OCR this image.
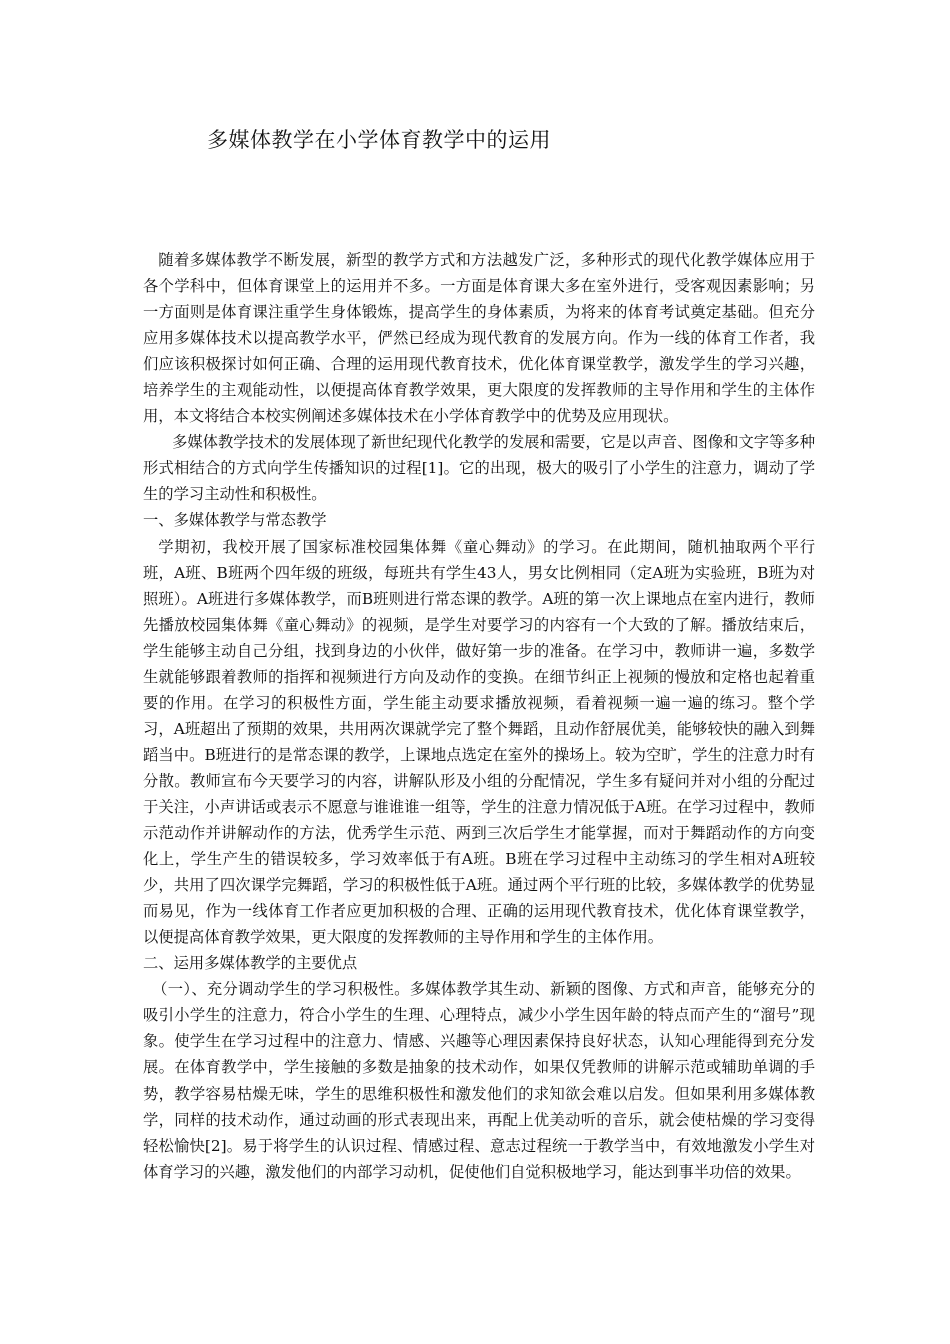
多媒体教学在小学体育教学中的运用

随着多媒体教学不断发展，新型的教学方式和方法越发广泛，多种形式的现代化教学媒体应用于各个学科中，但体育课堂上的运用并不多。一方面是体育课大多在室外进行，受客观因素影响；另一方面则是体育课注重学生身体锻炼，提高学生的身体素质，为将来的体育考试奠定基础。但充分应用多媒体技术以提高教学水平，俨然已经成为现代教育的发展方向。作为一线的体育工作者，我们应该积极探讨如何正确、合理的运用现代教育技术，优化体育课堂教学，激发学生的学习兴趣，培养学生的主观能动性，以便提高体育教学效果，更大限度的发挥教师的主导作用和学生的主体作用，本文将结合本校实例阐述多媒体技术在小学体育教学中的优势及应用现状。

多媒体教学技术的发展体现了新世纪现代化教学的发展和需要，它是以声音、图像和文字等多种形式相结合的方式向学生传播知识的过程[1]。它的出现，极大的吸引了小学生的注意力，调动了学生的学习主动性和积极性。

一、多媒体教学与常态教学

学期初，我校开展了国家标准校园集体舞《童心舞动》的学习。在此期间，随机抽取两个平行班，A班、B班两个四年级的班级，每班共有学生43人，男女比例相同（定A班为实验班，B班为对照班）。A班进行多媒体教学，而B班则进行常态课的教学。A班的第一次上课地点在室内进行，教师先播放校园集体舞《童心舞动》的视频，是学生对要学习的内容有一个大致的了解。播放结束后，学生能够主动自己分组，找到身边的小伙伴，做好第一步的准备。在学习中，教师讲一遍，多数学生就能够跟着教师的指挥和视频进行方向及动作的变换。在细节纠正上视频的慢放和定格也起着重要的作用。在学习的积极性方面，学生能主动要求播放视频，看着视频一遍一遍的练习。整个学习，A班超出了预期的效果，共用两次课就学完了整个舞蹈，且动作舒展优美，能够较快的融入到舞蹈当中。B班进行的是常态课的教学，上课地点选定在室外的操场上。较为空旷，学生的注意力时有分散。教师宣布今天要学习的内容，讲解队形及小组的分配情况，学生多有疑问并对小组的分配过于关注，小声讲话或表示不愿意与谁谁谁一组等，学生的注意力情况低于A班。在学习过程中，教师示范动作并讲解动作的方法，优秀学生示范、两到三次后学生才能掌握，而对于舞蹈动作的方向变化上，学生产生的错误较多，学习效率低于有A班。B班在学习过程中主动练习的学生相对A班较少，共用了四次课学完舞蹈，学习的积极性低于A班。通过两个平行班的比较，多媒体教学的优势显而易见，作为一线体育工作者应更加积极的合理、正确的运用现代教育技术，优化体育课堂教学，以便提高体育教学效果，更大限度的发挥教师的主导作用和学生的主体作用。

二、运用多媒体教学的主要优点

（一）、充分调动学生的学习积极性。多媒体教学其生动、新颖的图像、方式和声音，能够充分的吸引小学生的注意力，符合小学生的生理、心理特点，减少小学生因年龄的特点而产生的“溜号”现象。使学生在学习过程中的注意力、情感、兴趣等心理因素保持良好状态，认知心理能得到充分发展。在体育教学中，学生接触的多数是抽象的技术动作，如果仅凭教师的讲解示范或辅助单调的手势，教学容易枯燥无味，学生的思维积极性和激发他们的求知欲会难以启发。但如果利用多媒体教学，同样的技术动作，通过动画的形式表现出来，再配上优美动听的音乐，就会使枯燥的学习变得轻松愉快[2]。易于将学生的认识过程、情感过程、意志过程统一于教学当中，有效地激发小学生对体育学习的兴趣，激发他们的内部学习动机，促使他们自觉积极地学习，能达到事半功倍的效果。
